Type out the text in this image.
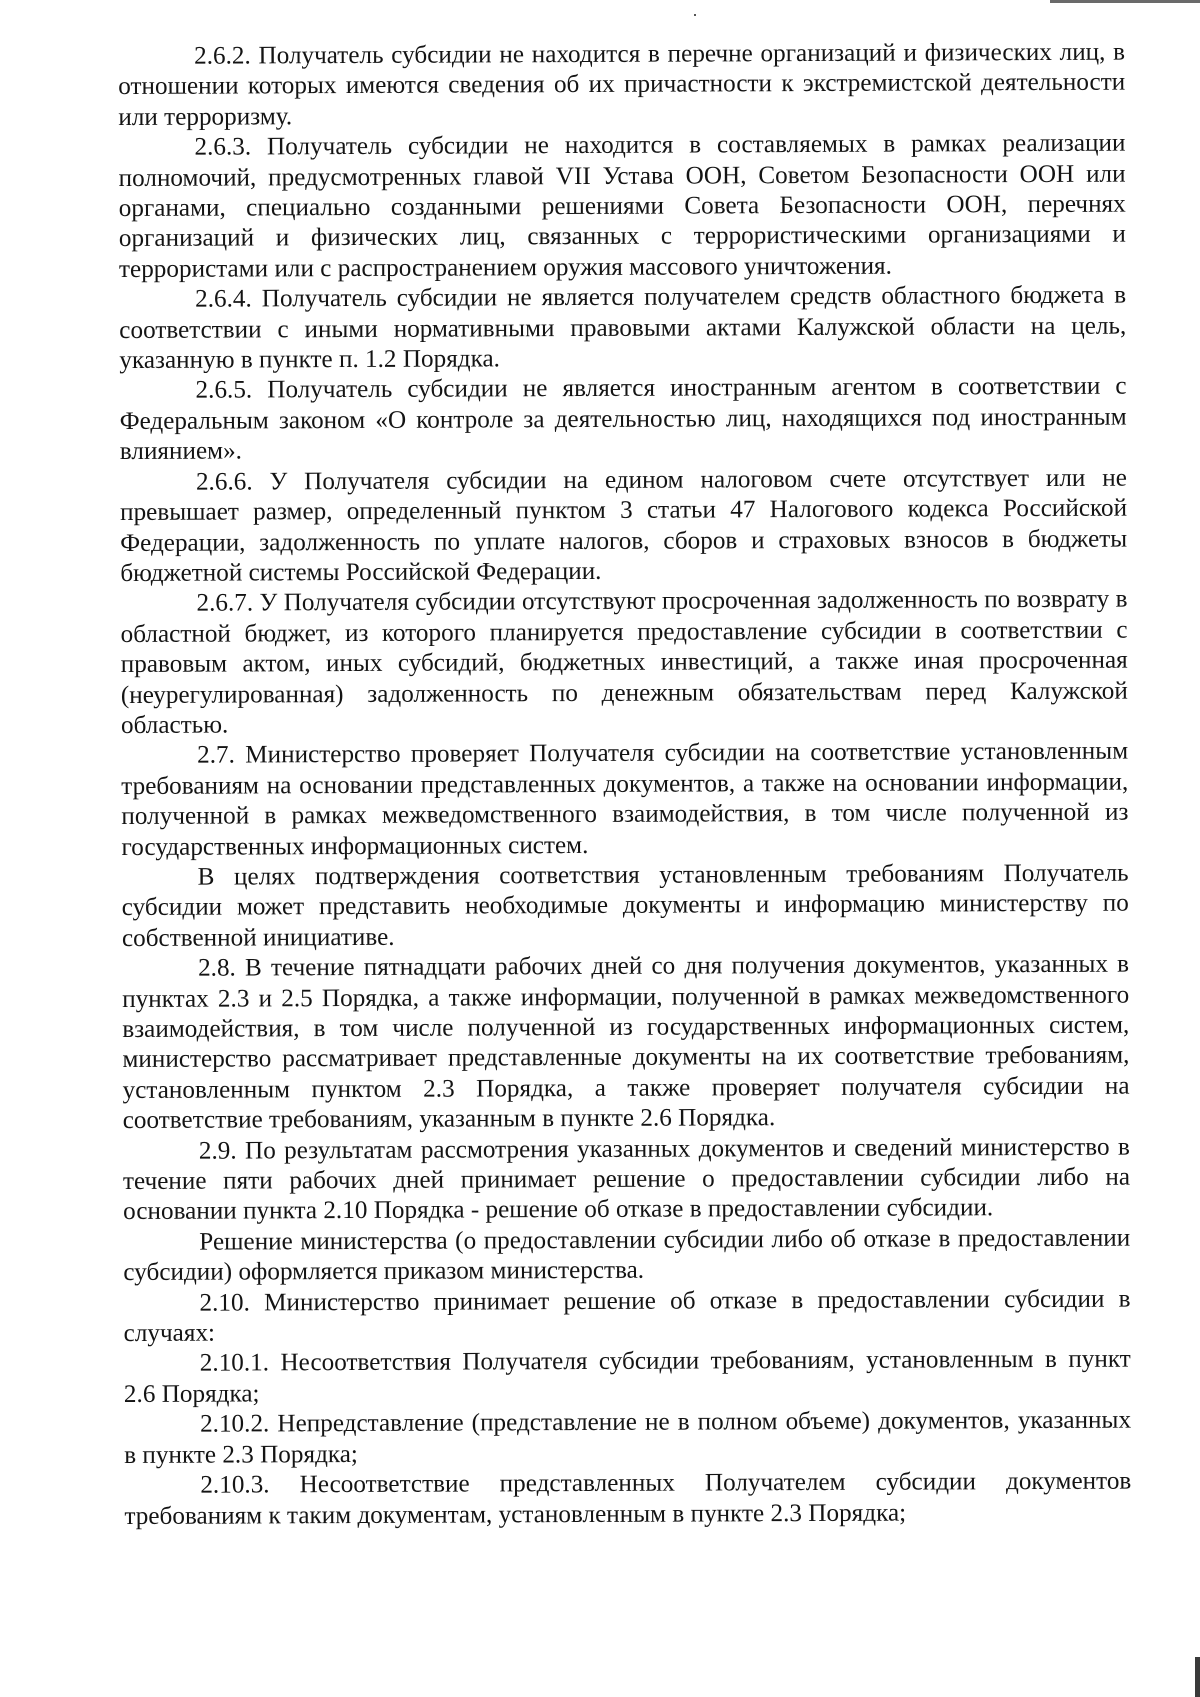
2.6.2. Получатель субсидии не находится в перечне организаций и физических лиц, в отношении которых имеются сведения об их причастности к экстремистской деятельности или терроризму.

2.6.3. Получатель субсидии не находится в составляемых в рамках реализации полномочий, предусмотренных главой VII Устава ООН, Советом Безопасности ООН или органами, специально созданными решениями Совета Безопасности ООН, перечнях организаций и физических лиц, связанных с террористическими организациями и террористами или с распространением оружия массового уничтожения.

2.6.4. Получатель субсидии не является получателем средств областного бюджета в соответствии с иными нормативными правовыми актами Калужской области на цель, указанную в пункте п. 1.2 Порядка.

2.6.5. Получатель субсидии не является иностранным агентом в соответствии с Федеральным законом «О контроле за деятельностью лиц, находящихся под иностранным влиянием».

2.6.6. У Получателя субсидии на едином налоговом счете отсутствует или не превышает размер, определенный пунктом 3 статьи 47 Налогового кодекса Российской Федерации, задолженность по уплате налогов, сборов и страховых взносов в бюджеты бюджетной системы Российской Федерации.

2.6.7. У Получателя субсидии отсутствуют просроченная задолженность по возврату в областной бюджет, из которого планируется предоставление субсидии в соответствии с правовым актом, иных субсидий, бюджетных инвестиций, а также иная просроченная (неурегулированная) задолженность по денежным обязательствам перед Калужской областью.

2.7. Министерство проверяет Получателя субсидии на соответствие установленным требованиям на основании представленных документов, а также на основании информации, полученной в рамках межведомственного взаимодействия, в том числе полученной из государственных информационных систем.

В целях подтверждения соответствия установленным требованиям Получатель субсидии может представить необходимые документы и информацию министерству по собственной инициативе.

2.8. В течение пятнадцати рабочих дней со дня получения документов, указанных в пунктах 2.3 и 2.5 Порядка, а также информации, полученной в рамках межведомственного взаимодействия, в том числе полученной из государственных информационных систем, министерство рассматривает представленные документы на их соответствие требованиям, установленным пунктом 2.3 Порядка, а также проверяет получателя субсидии на соответствие требованиям, указанным в пункте 2.6 Порядка.

2.9. По результатам рассмотрения указанных документов и сведений министерство в течение пяти рабочих дней принимает решение о предоставлении субсидии либо на основании пункта 2.10 Порядка - решение об отказе в предоставлении субсидии.

Решение министерства (о предоставлении субсидии либо об отказе в предоставлении субсидии) оформляется приказом министерства.

2.10. Министерство принимает решение об отказе в предоставлении субсидии в случаях:

2.10.1. Несоответствия Получателя субсидии требованиям, установленным в пункт 2.6 Порядка;

2.10.2. Непредставление (представление не в полном объеме) документов, указанных в пункте 2.3 Порядка;

2.10.3. Несоответствие представленных Получателем субсидии документов требованиям к таким документам, установленным в пункте 2.3 Порядка;
